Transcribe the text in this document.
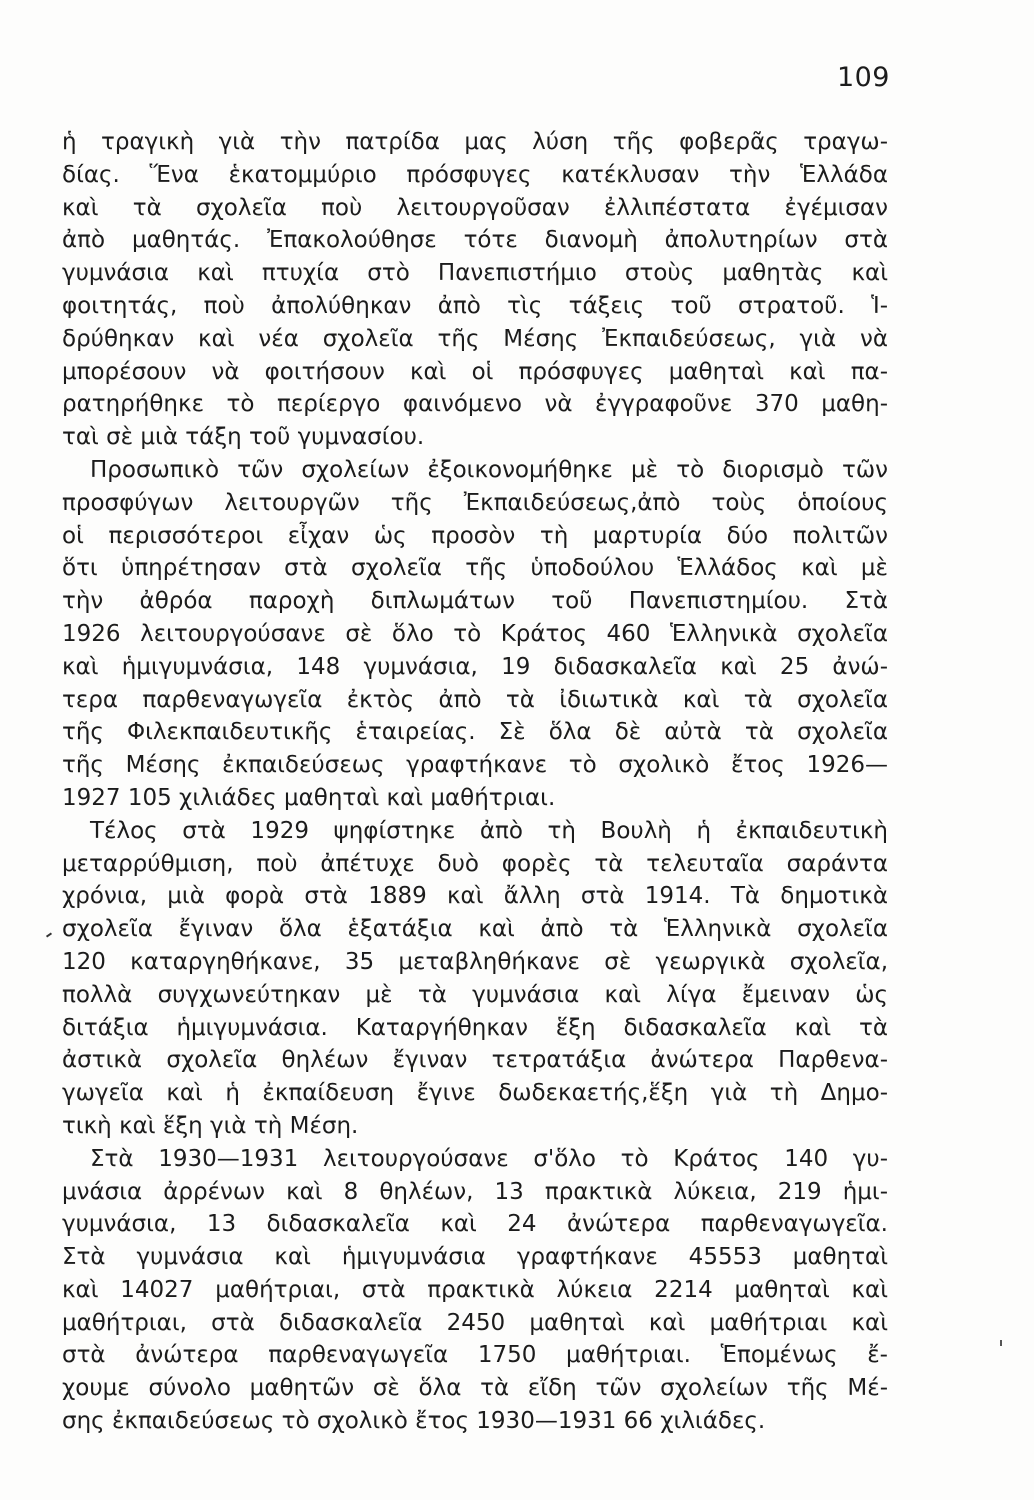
109
ἡ τραγικὴ γιὰ τὴν πατρίδα μας λύση τῆς φοβερᾶς τραγω-
δίας. Ἕνα ἑκατομμύριο πρόσφυγες κατέκλυσαν τὴν Ἑλλάδα
καὶ τὰ σχολεῖα ποὺ λειτουργοῦσαν ἐλλιπέστατα ἐγέμισαν
ἀπὸ μαθητάς. Ἐπακολούθησε τότε διανομὴ ἀπολυτηρίων στὰ
γυμνάσια καὶ πτυχία στὸ Πανεπιστήμιο στοὺς μαθητὰς καὶ
φοιτητάς, ποὺ ἀπολύθηκαν ἀπὸ τὶς τάξεις τοῦ στρατοῦ. Ἱ-
δρύθηκαν καὶ νέα σχολεῖα τῆς Μέσης Ἐκπαιδεύσεως, γιὰ νὰ
μπορέσουν νὰ φοιτήσουν καὶ οἱ πρόσφυγες μαθηταὶ καὶ πα-
ρατηρήθηκε τὸ περίεργο φαινόμενο νὰ ἐγγραφοῦνε 370 μαθη-
ταὶ σὲ μιὰ τάξη τοῦ γυμνασίου.
Προσωπικὸ τῶν σχολείων ἐξοικονομήθηκε μὲ τὸ διορισμὸ τῶν
προσφύγων λειτουργῶν τῆς Ἐκπαιδεύσεως,ἀπὸ τοὺς ὁποίους
οἱ περισσότεροι εἶχαν ὡς προσὸν τὴ μαρτυρία δύο πολιτῶν
ὅτι ὑπηρέτησαν στὰ σχολεῖα τῆς ὑποδούλου Ἑλλάδος καὶ μὲ
τὴν ἀθρόα παροχὴ διπλωμάτων τοῦ Πανεπιστημίου. Στὰ
1926 λειτουργούσανε σὲ ὅλο τὸ Κράτος 460 Ἑλληνικὰ σχολεῖα
καὶ ἡμιγυμνάσια, 148 γυμνάσια, 19 διδασκαλεῖα καὶ 25 ἀνώ-
τερα παρθεναγωγεῖα ἐκτὸς ἀπὸ τὰ ἰδιωτικὰ καὶ τὰ σχολεῖα
τῆς Φιλεκπαιδευτικῆς ἑταιρείας. Σὲ ὅλα δὲ αὐτὰ τὰ σχολεῖα
τῆς Μέσης ἐκπαιδεύσεως γραφτήκανε τὸ σχολικὸ ἔτος 1926—
1927 105 χιλιάδες μαθηταὶ καὶ μαθήτριαι.
Τέλος στὰ 1929 ψηφίστηκε ἀπὸ τὴ Βουλὴ ἡ ἐκπαιδευτικὴ
μεταρρύθμιση, ποὺ ἀπέτυχε δυὸ φορὲς τὰ τελευταῖα σαράντα
χρόνια, μιὰ φορὰ στὰ 1889 καὶ ἄλλη στὰ 1914. Τὰ δημοτικὰ
σχολεῖα ἔγιναν ὅλα ἑξατάξια καὶ ἀπὸ τὰ Ἑλληνικὰ σχολεῖα
120 καταργηθήκανε, 35 μεταβληθήκανε σὲ γεωργικὰ σχολεῖα,
πολλὰ συγχωνεύτηκαν μὲ τὰ γυμνάσια καὶ λίγα ἔμειναν ὡς
διτάξια ἡμιγυμνάσια. Καταργήθηκαν ἕξη διδασκαλεῖα καὶ τὰ
ἀστικὰ σχολεῖα θηλέων ἔγιναν τετρατάξια ἀνώτερα Παρθενα-
γωγεῖα καὶ ἡ ἐκπαίδευση ἔγινε δωδεκαετής,ἕξη γιὰ τὴ Δημο-
τικὴ καὶ ἕξη γιὰ τὴ Μέση.
Στὰ 1930—1931 λειτουργούσανε σ'ὅλο τὸ Κράτος 140 γυ-
μνάσια ἀρρένων καὶ 8 θηλέων, 13 πρακτικὰ λύκεια, 219 ἡμι-
γυμνάσια, 13 διδασκαλεῖα καὶ 24 ἀνώτερα παρθεναγωγεῖα.
Στὰ γυμνάσια καὶ ἡμιγυμνάσια γραφτήκανε 45553 μαθηταὶ
καὶ 14027 μαθήτριαι, στὰ πρακτικὰ λύκεια 2214 μαθηταὶ καὶ
μαθήτριαι, στὰ διδασκαλεῖα 2450 μαθηταὶ καὶ μαθήτριαι καὶ
στὰ ἀνώτερα παρθεναγωγεῖα 1750 μαθήτριαι. Ἑπομένως ἔ-
χουμε σύνολο μαθητῶν σὲ ὅλα τὰ εἴδη τῶν σχολείων τῆς Μέ-
σης ἐκπαιδεύσεως τὸ σχολικὸ ἔτος 1930—1931 66 χιλιάδες.
